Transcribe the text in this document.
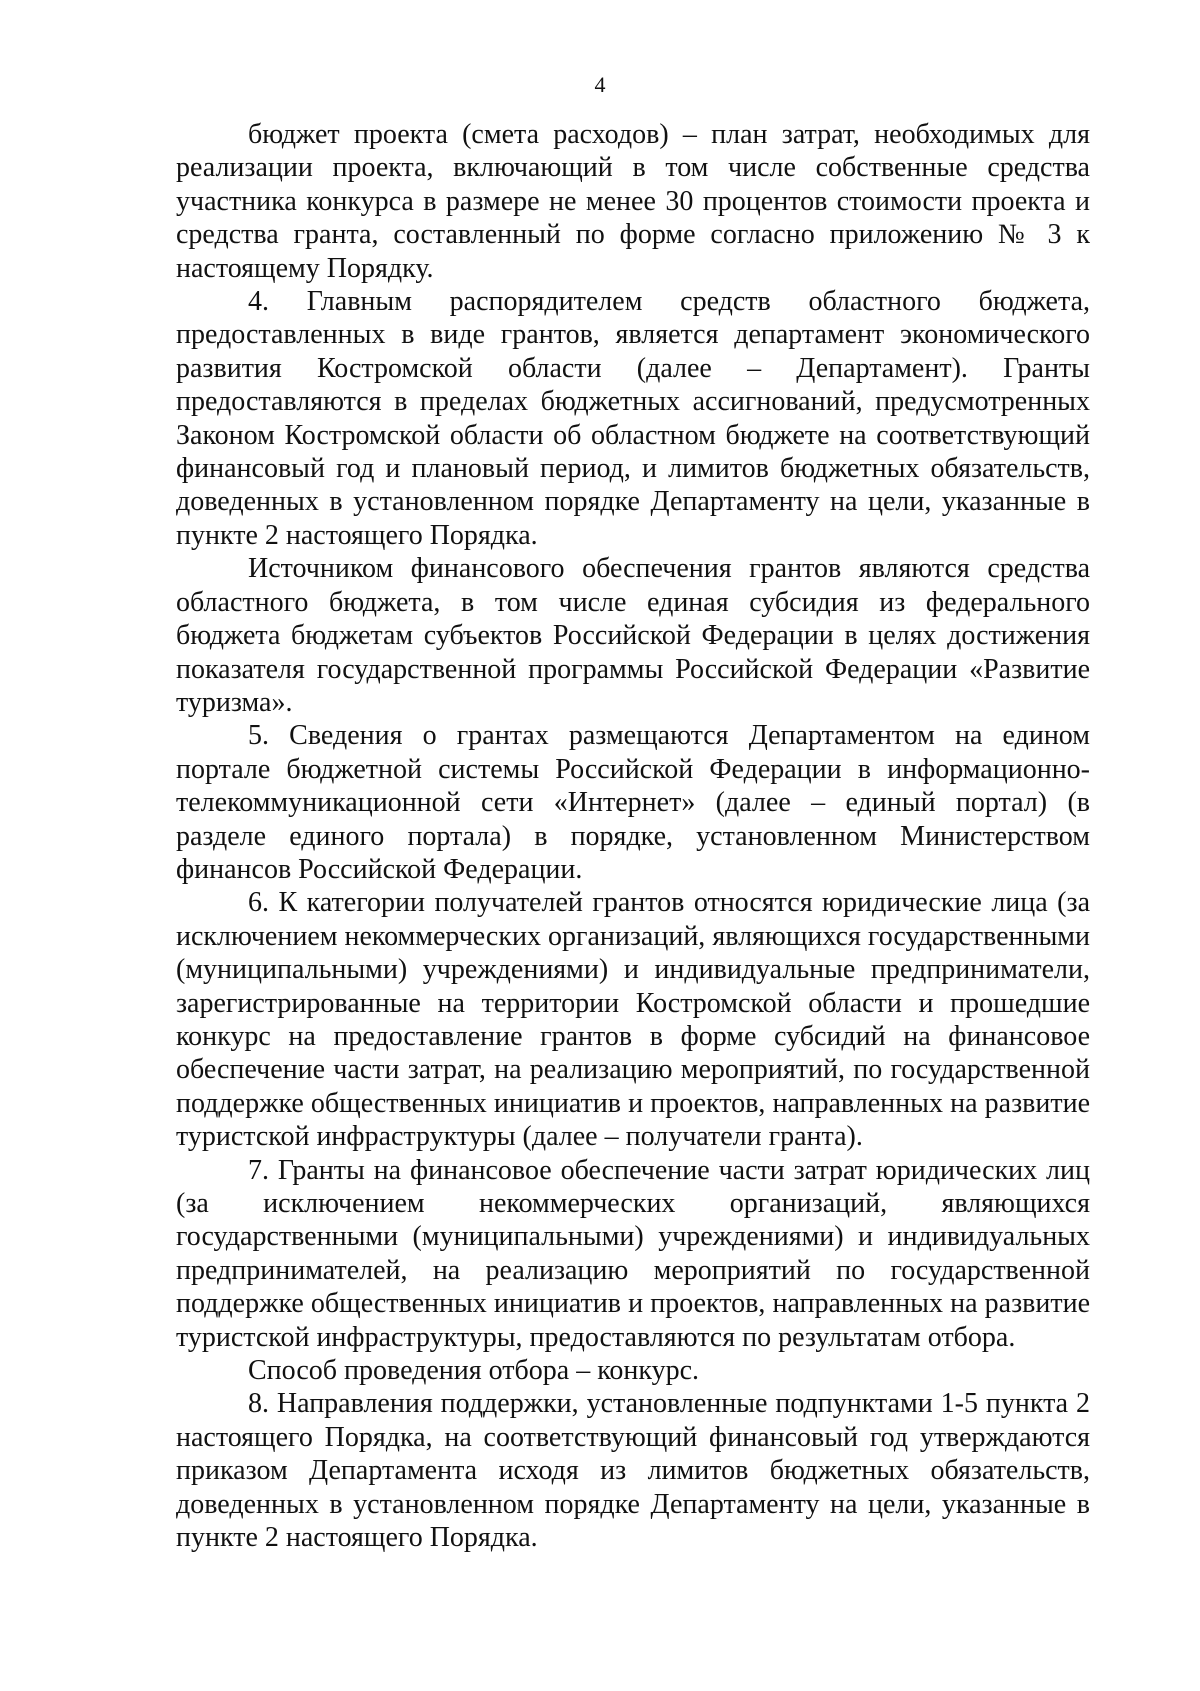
4

бюджет проекта (смета расходов) – план затрат, необходимых для реализации проекта, включающий в том числе собственные средства участника конкурса в размере не менее 30 процентов стоимости проекта и средства гранта, составленный по форме согласно приложению № 3 к настоящему Порядку.

4. Главным распорядителем средств областного бюджета, предоставленных в виде грантов, является департамент экономического развития Костромской области (далее – Департамент). Гранты предоставляются в пределах бюджетных ассигнований, предусмотренных Законом Костромской области об областном бюджете на соответствующий финансовый год и плановый период, и лимитов бюджетных обязательств, доведенных в установленном порядке Департаменту на цели, указанные в пункте 2 настоящего Порядка.

Источником финансового обеспечения грантов являются средства областного бюджета, в том числе единая субсидия из федерального бюджета бюджетам субъектов Российской Федерации в целях достижения показателя государственной программы Российской Федерации «Развитие туризма».

5. Сведения о грантах размещаются Департаментом на едином портале бюджетной системы Российской Федерации в информационно-телекоммуникационной сети «Интернет» (далее – единый портал) (в разделе единого портала) в порядке, установленном Министерством финансов Российской Федерации.

6. К категории получателей грантов относятся юридические лица (за исключением некоммерческих организаций, являющихся государственными (муниципальными) учреждениями) и индивидуальные предприниматели, зарегистрированные на территории Костромской области и прошедшие конкурс на предоставление грантов в форме субсидий на финансовое обеспечение части затрат, на реализацию мероприятий, по государственной поддержке общественных инициатив и проектов, направленных на развитие туристской инфраструктуры (далее – получатели гранта).

7. Гранты на финансовое обеспечение части затрат юридических лиц (за исключением некоммерческих организаций, являющихся государственными (муниципальными) учреждениями) и индивидуальных предпринимателей, на реализацию мероприятий по государственной поддержке общественных инициатив и проектов, направленных на развитие туристской инфраструктуры, предоставляются по результатам отбора.

Способ проведения отбора – конкурс.

8. Направления поддержки, установленные подпунктами 1-5 пункта 2 настоящего Порядка, на соответствующий финансовый год утверждаются приказом Департамента исходя из лимитов бюджетных обязательств, доведенных в установленном порядке Департаменту на цели, указанные в пункте 2 настоящего Порядка.
